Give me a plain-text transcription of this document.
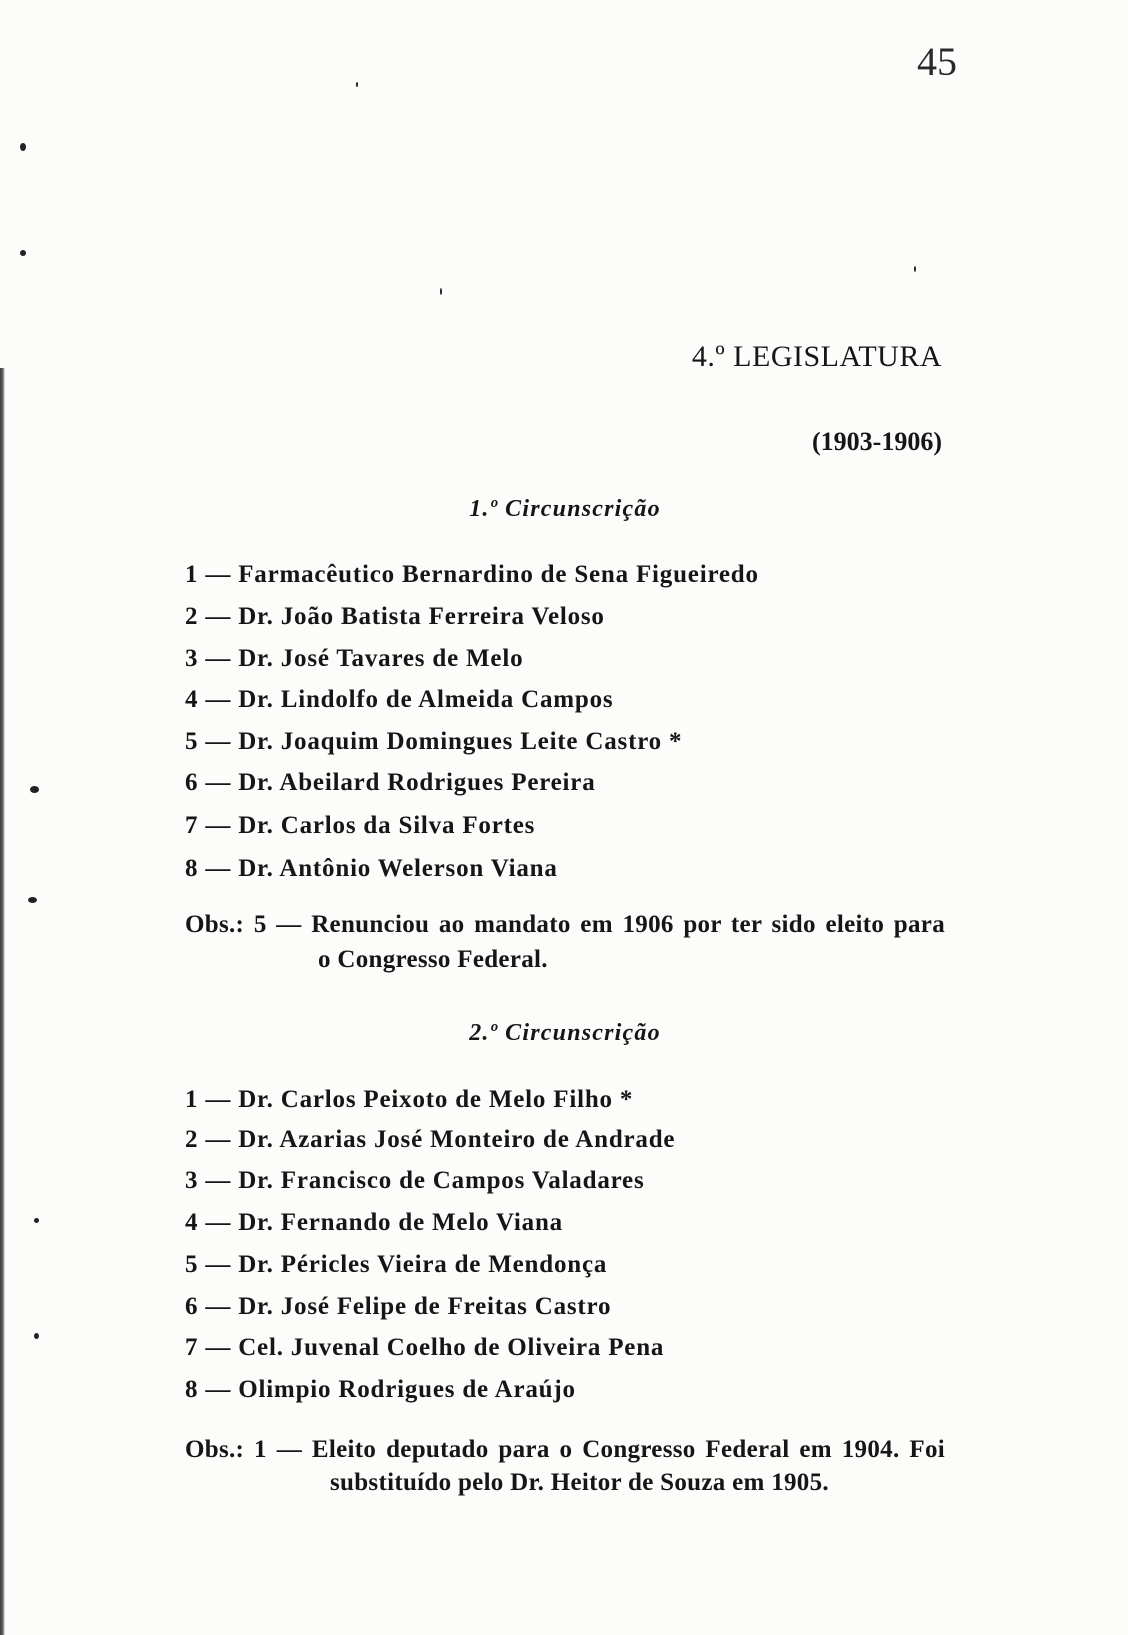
45
4.º LEGISLATURA
(1903-1906)
1.º Circunscrição
1 — Farmacêutico Bernardino de Sena Figueiredo
2 — Dr. João Batista Ferreira Veloso
3 — Dr. José Tavares de Melo
4 — Dr. Lindolfo de Almeida Campos
5 — Dr. Joaquim Domingues Leite Castro *
6 — Dr. Abeilard Rodrigues Pereira
7 — Dr. Carlos da Silva Fortes
8 — Dr. Antônio Welerson Viana
Obs.: 5 — Renunciou ao mandato em 1906 por ter sido eleito para
o Congresso Federal.
2.º Circunscrição
1 — Dr. Carlos Peixoto de Melo Filho *
2 — Dr. Azarias José Monteiro de Andrade
3 — Dr. Francisco de Campos Valadares
4 — Dr. Fernando de Melo Viana
5 — Dr. Péricles Vieira de Mendonça
6 — Dr. José Felipe de Freitas Castro
7 — Cel. Juvenal Coelho de Oliveira Pena
8 — Olimpio Rodrigues de Araújo
Obs.: 1 — Eleito deputado para o Congresso Federal em 1904. Foi
substituído pelo Dr. Heitor de Souza em 1905.
